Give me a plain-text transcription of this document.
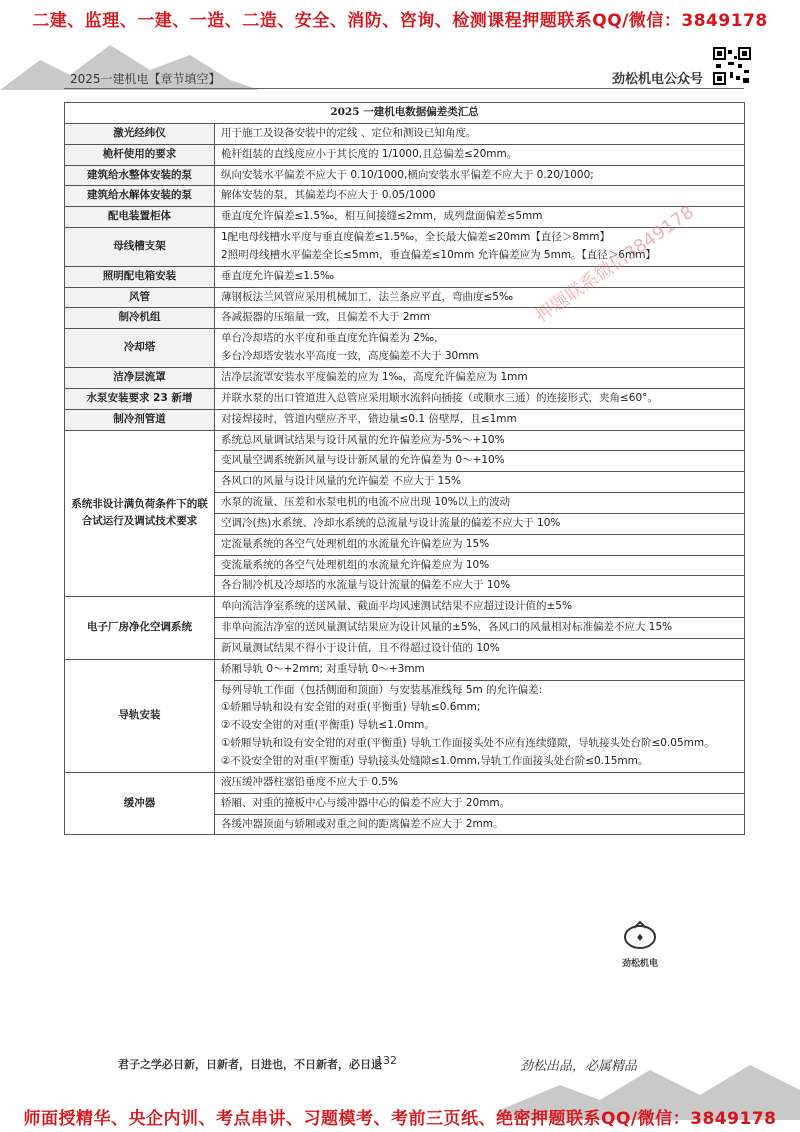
二建、监理、一建、一造、二造、安全、消防、咨询、检测课程押题联系QQ/微信：3849178
2025一建机电【章节填空】	劲松机电公众号
2025 一建机电数据偏差类汇总	
激光经纬仪	用于施工及设备安装中的定线 、定位和测设已知角度。
桅杆使用的要求	桅杆组装的直线度应小于其长度的 1/1000,且总偏差≤20mm。
建筑给水整体安装的泵	纵向安装水平偏差不应大于 0.10/1000,横向安装水平偏差不应大于 0.20/1000;
建筑给水解体安装的泵	解体安装的泵，其偏差均不应大于 0.05/1000
配电装置柜体	垂直度允许偏差≤1.5‰，相互间接缝≤2mm，成列盘面偏差≤5mm
母线槽支架	1配电母线槽水平度与垂直度偏差≤1.5‰，全长最大偏差≤20mm【直径＞8mm】
2照明母线槽水平偏差全长≤5mm，垂直偏差≤10mm 允许偏差应为 5mm。【直径＞6mm】

照明配电箱安装	垂直度允许偏差≤1.5‰
风管	薄钢板法兰风管应采用机械加工，法兰条应平直，弯曲度≤5‰
制冷机组	各减振器的压缩量一致，且偏差不大于 2mm
冷却塔	单台冷却塔的水平度和垂直度允许偏差为 2‰，
多台冷却塔安装水平高度一致，高度偏差不大于 30mm

洁净层流罩	洁净层流罩安装水平度偏差的应为 1‰，高度允许偏差应为 1mm
水泵安装要求 23 新增	并联水泵的出口管道进入总管应采用顺水流斜向插接（或顺水三通）的连接形式，夹角≤60°。
制冷剂管道	对接焊接时，管道内壁应齐平，错边量≤0.1 倍壁厚，且≤1mm
系统非设计满负荷条件下的联合试运行及调试技术要求	系统总风量调试结果与设计风量的允许偏差应为-5%～+10%
	变风量空调系统新风量与设计新风量的允许偏差为 0～+10%
	各风口的风量与设计风量的允许偏差 不应大于 15%
	水泵的流量、压差和水泵电机的电流不应出现 10%以上的波动
	空调冷(热)水系统、冷却水系统的总流量与设计流量的偏差不应大于 10%
	定流量系统的各空气处理机组的水流量允许偏差应为 15%
	变流量系统的各空气处理机组的水流量允许偏差应为 10%
	各台制冷机及冷却塔的水流量与设计流量的偏差不应大于 10%
电子厂房净化空调系统	单向流洁净室系统的送风量、截面平均风速测试结果不应超过设计值的±5%
	非单向流洁净室的送风量测试结果应为设计风量的±5%，各风口的风量相对标准偏差不应大 15%
	新风量测试结果不得小于设计值，且不得超过设计值的 10%
导轨安装	轿厢导轨 0～+2mm; 对重导轨 0～+3mm

	每列导轨工作面（包括侧面和顶面）与安装基准线每 5m 的允许偏差:
①轿厢导轨和设有安全钳的对重(平衡重) 导轨≤0.6mm;
②不设安全钳的对重(平衡重) 导轨≤1.0mm。
①轿厢导轨和设有安全钳的对重(平衡重) 导轨工作面接头处不应有连续缝隙，导轨接头处台阶≤0.05mm。
②不设安全钳的对重(平衡重) 导轨接头处缝隙≤1.0mm,导轨工作面接头处台阶≤0.15mm。

缓冲器	液压缓冲器柱塞铅垂度不应大于 0.5%
	轿厢、对重的撞板中心与缓冲器中心的偏差不应大于 20mm。
	各缓冲器顶面与轿厢或对重之间的距离偏差不应大于 2mm。
押题联系微信3849178
♦
劲松机电
君子之学必日新，日新者，日进也，不日新者，必日退
132	劲松出品，必属精品
师面授精华、央企内训、考点串讲、习题模考、考前三页纸、绝密押题联系QQ/微信：3849178
